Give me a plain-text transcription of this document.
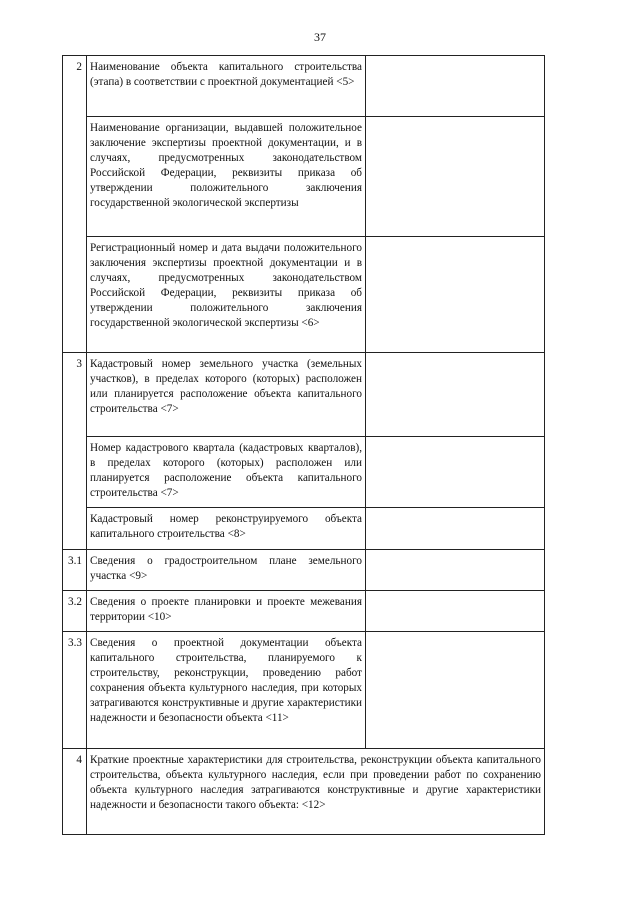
37
2	Наименование объекта капитального строительства (этапа) в соответствии с проектной документацией <5>	
	Наименование организации, выдавшей положительное заключение экспертизы проектной документации, и в случаях, предусмотренных законодательством Российской Федерации, реквизиты приказа об утверждении положительного заключения государственной экологической экспертизы	
	Регистрационный номер и дата выдачи положительного заключения экспертизы проектной документации и в случаях, предусмотренных законодательством Российской Федерации, реквизиты приказа об утверждении положительного заключения государственной экологической экспертизы <6>	
3	Кадастровый номер земельного участка (земельных участков), в пределах которого (которых) расположен или планируется расположение объекта капитального строительства <7>	
	Номер кадастрового квартала (кадастровых кварталов), в пределах которого (которых) расположен или планируется расположение объекта капитального строительства <7>	
	Кадастровый номер реконструируемого объекта капитального строительства <8>	
3.1	Сведения о градостроительном плане земельного участка <9>	
3.2	Сведения о проекте планировки и проекте межевания территории <10>	
3.3	Сведения о проектной документации объекта капитального строительства, планируемого к строительству, реконструкции, проведению работ сохранения объекта культурного наследия, при которых затрагиваются конструктивные и другие характеристики надежности и безопасности объекта <11>	
4	Краткие проектные характеристики для строительства, реконструкции объекта капитального строительства, объекта культурного наследия, если при проведении работ по сохранению объекта культурного наследия затрагиваются конструктивные и другие характеристики надежности и безопасности такого объекта: <12>	
